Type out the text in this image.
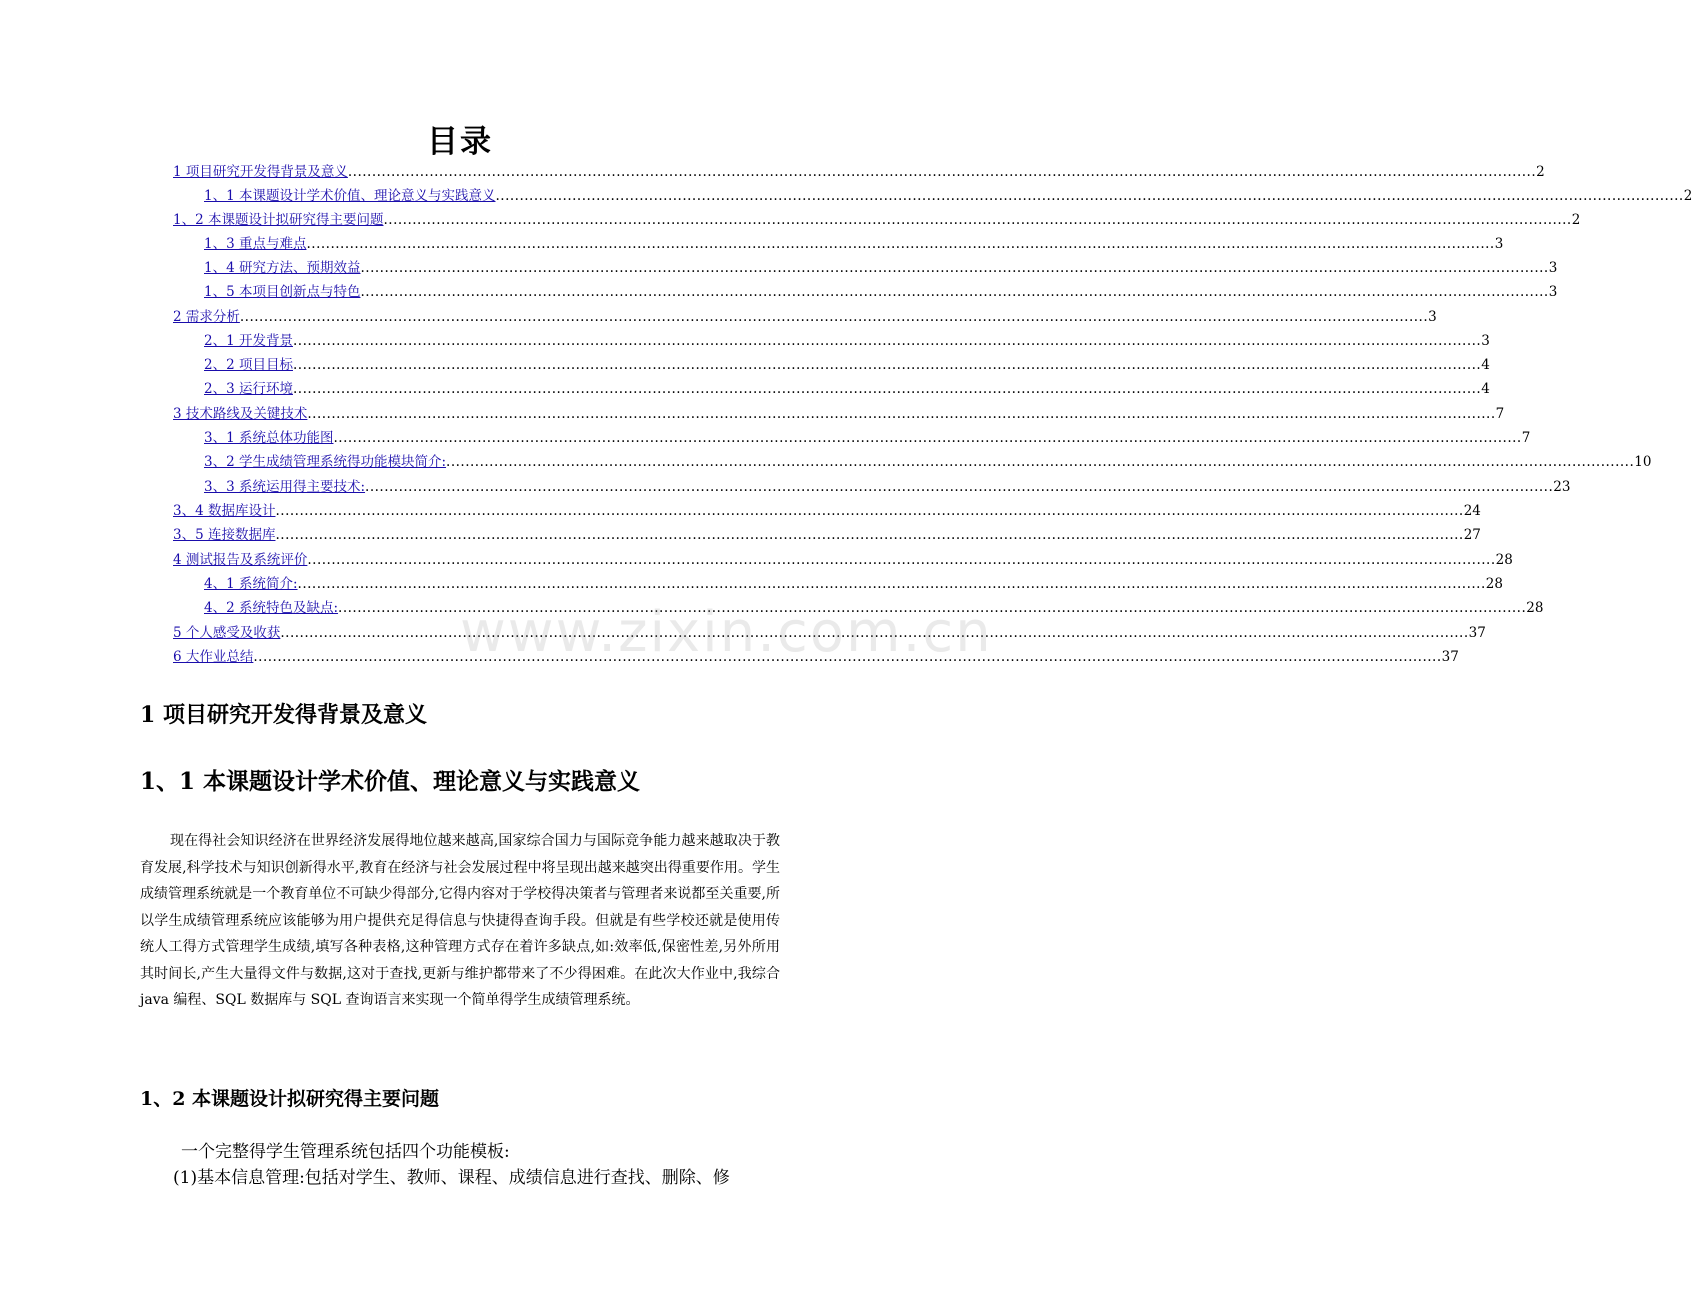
目录
1 项目研究开发得背景及意义 .....	2
1、1 本课题设计学术价值、理论意义与实践意义 .....	2
1、2 本课题设计拟研究得主要问题 .....	2
1、3 重点与难点 .....	3
1、4 研究方法、预期效益 .....	3
1、5 本项目创新点与特色 .....	3
2 需求分析 .....	3
2、1 开发背景 .....	3
2、2 项目目标 .....	4
2、3 运行环境 .....	4
3 技术路线及关键技术 .....	7
3、1 系统总体功能图 .....	7
3、2 学生成绩管理系统得功能模块简介: .....	10
3、3 系统运用得主要技术: .....	23
3、4 数据库设计 .....	24
3、5 连接数据库 .....	27
4 测试报告及系统评价 .....	28
4、1 系统简介: .....	28
4、2 系统特色及缺点: .....	28
5 个人感受及收获 .....	37
6 大作业总结 .....	37
www.zixin.com.cn
1 项目研究开发得背景及意义
1、1 本课题设计学术价值、理论意义与实践意义
现在得社会知识经济在世界经济发展得地位越来越高,国家综合国力与国际竞争能力越来越取决于教育发展,科学技术与知识创新得水平,教育在经济与社会发展过程中将呈现出越来越突出得重要作用。学生成绩管理系统就是一个教育单位不可缺少得部分,它得内容对于学校得决策者与管理者来说都至关重要,所以学生成绩管理系统应该能够为用户提供充足得信息与快捷得查询手段。但就是有些学校还就是使用传统人工得方式管理学生成绩,填写各种表格,这种管理方式存在着许多缺点,如:效率低,保密性差,另外所用其时间长,产生大量得文件与数据,这对于查找,更新与维护都带来了不少得困难。在此次大作业中,我综合 java 编程、SQL 数据库与 SQL 查询语言来实现一个简单得学生成绩管理系统。
1、2 本课题设计拟研究得主要问题
一个完整得学生管理系统包括四个功能模板:
(1)基本信息管理:包括对学生、教师、课程、成绩信息进行查找、删除、修
